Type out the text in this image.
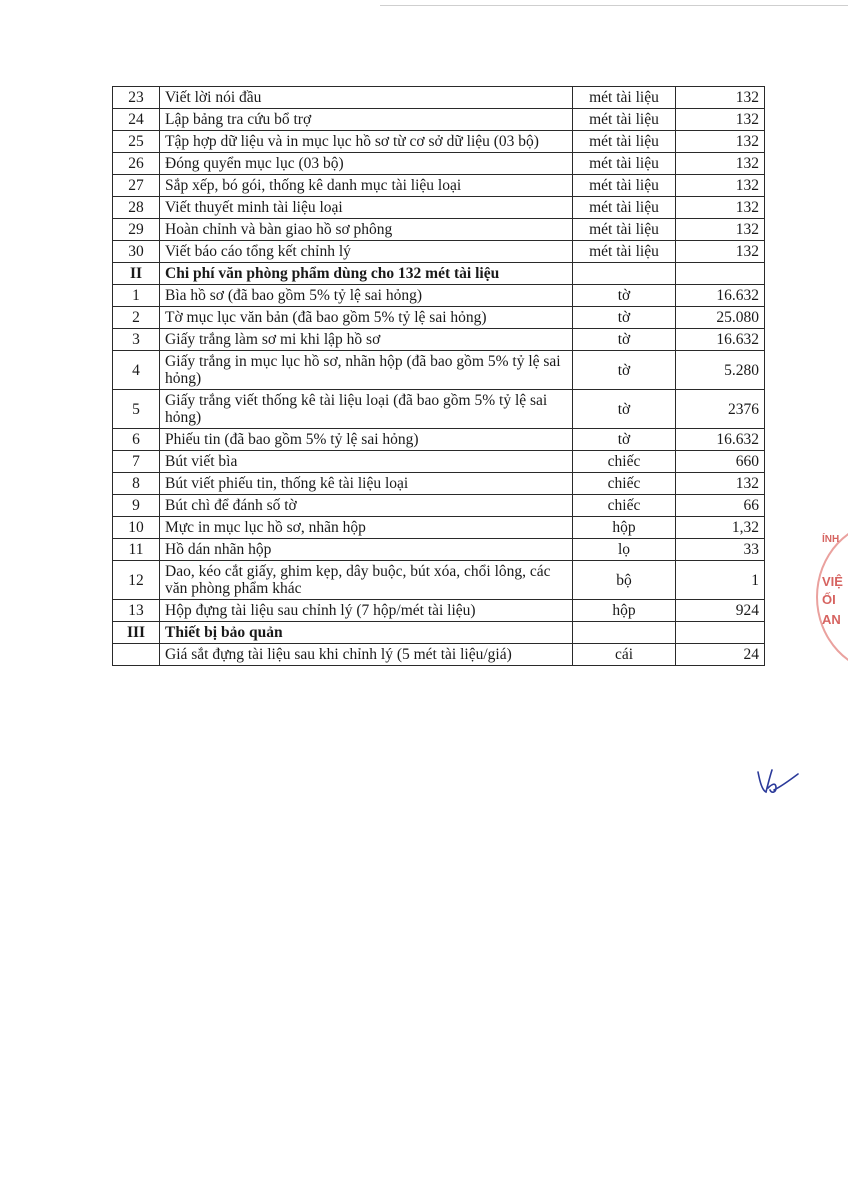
23	Viết lời nói đầu	mét tài liệu	132
24	Lập bảng tra cứu bổ trợ	mét tài liệu	132
25	Tập hợp dữ liệu và in mục lục hồ sơ từ cơ sở dữ liệu (03 bộ)	mét tài liệu	132
26	Đóng quyển mục lục (03 bộ)	mét tài liệu	132
27	Sắp xếp, bó gói, thống kê danh mục tài liệu loại	mét tài liệu	132
28	Viết thuyết minh tài liệu loại	mét tài liệu	132
29	Hoàn chỉnh và bàn giao hồ sơ phông	mét tài liệu	132
30	Viết báo cáo tổng kết chỉnh lý	mét tài liệu	132
II	Chi phí văn phòng phẩm dùng cho 132 mét tài liệu		
1	Bìa hồ sơ (đã bao gồm 5% tỷ lệ sai hỏng)	tờ	16.632
2	Tờ mục lục văn bản (đã bao gồm 5% tỷ lệ sai hỏng)	tờ	25.080
3	Giấy trắng làm sơ mi khi lập hồ sơ	tờ	16.632
4	Giấy trắng in mục lục hồ sơ, nhãn hộp (đã bao gồm 5% tỷ lệ sai hỏng)	tờ	5.280
5	Giấy trắng viết thống kê tài liệu loại (đã bao gồm 5% tỷ lệ sai hỏng)	tờ	2376
6	Phiếu tin (đã bao gồm 5% tỷ lệ sai hỏng)	tờ	16.632
7	Bút viết bìa	chiếc	660
8	Bút viết phiếu tin, thống kê tài liệu loại	chiếc	132
9	Bút chì để đánh số tờ	chiếc	66
10	Mực in mục lục hồ sơ, nhãn hộp	hộp	1,32
11	Hồ dán nhãn hộp	lọ	33
12	Dao, kéo cắt giấy, ghim kẹp, dây buộc, bút xóa, chổi lông, các văn phòng phẩm khác	bộ	1
13	Hộp đựng tài liệu sau chỉnh lý (7 hộp/mét tài liệu)	hộp	924
III	Thiết bị bảo quản		
	Giá sắt đựng tài liệu sau khi chỉnh lý (5 mét tài liệu/giá)	cái	24
ÍNH
VIỆ
ỐI
AN
